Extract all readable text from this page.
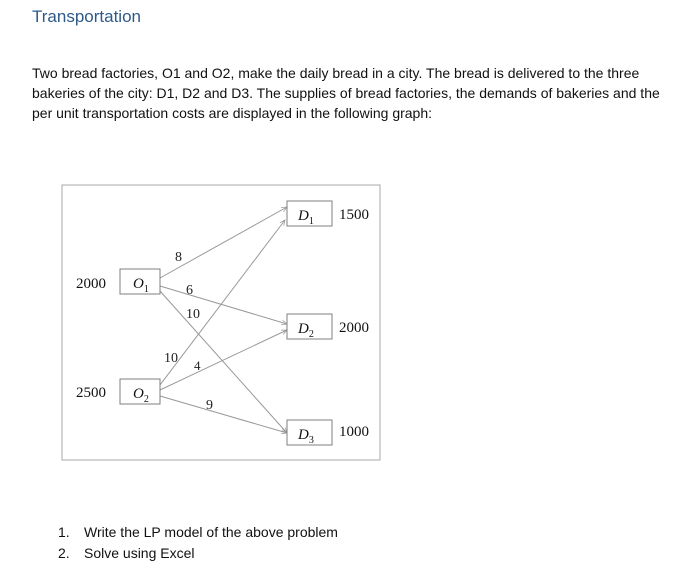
Transportation
Two bread factories, O1 and O2, make the daily bread in a city. The bread is delivered to the three
bakeries of the city: D1, D2 and D3. The supplies of bread factories, the demands of bakeries and the
per unit transportation costs are displayed in the following graph:
2000 $O_1$
2500 $O_2$
$D_1$ 1500
$D_2$ 2000
$D_3$
1000
8
6
10
10 4
9
1.	Write the LP model of the above problem
2.	Solve using Excel
